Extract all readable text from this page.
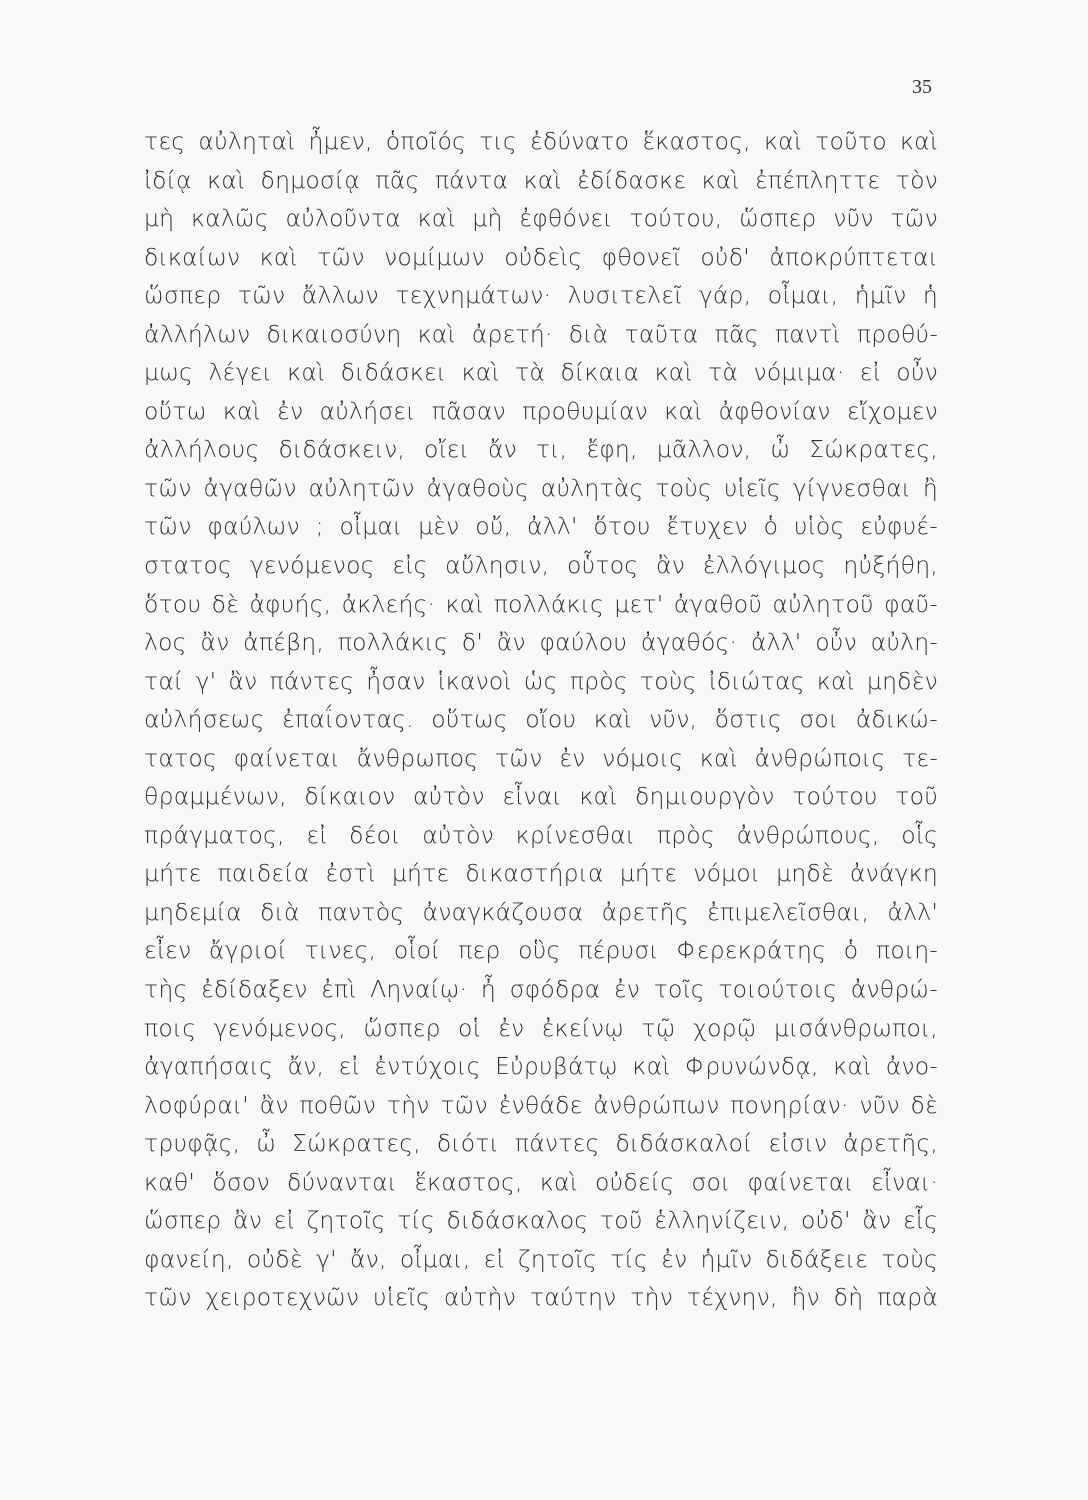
35
τες αὐληταὶ ἦμεν, ὁποῖός τις ἐδύνατο ἕκαστος, καὶ τοῦτο καὶ
ἰδίᾳ καὶ δημοσίᾳ πᾶς πάντα καὶ ἐδίδασκε καὶ ἐπέπληττε τὸν
μὴ καλῶς αὐλοῦντα καὶ μὴ ἐφθόνει τούτου, ὥσπερ νῦν τῶν
δικαίων καὶ τῶν νομίμων οὐδεὶς φθονεῖ οὐδ' ἀποκρύπτεται
ὥσπερ τῶν ἄλλων τεχνημάτων· λυσιτελεῖ γάρ, οἶμαι, ἡμῖν ἡ
ἀλλήλων δικαιοσύνη καὶ ἀρετή· διὰ ταῦτα πᾶς παντὶ προθύ-
μως λέγει καὶ διδάσκει καὶ τὰ δίκαια καὶ τὰ νόμιμα· εἰ οὖν
οὕτω καὶ ἐν αὐλήσει πᾶσαν προθυμίαν καὶ ἀφθονίαν εἴχομεν
ἀλλήλους διδάσκειν, οἴει ἄν τι, ἔφη, μᾶλλον, ὦ Σώκρατες,
τῶν ἀγαθῶν αὐλητῶν ἀγαθοὺς αὐλητὰς τοὺς υἱεῖς γίγνεσθαι ἢ
τῶν φαύλων ; οἶμαι μὲν οὔ, ἀλλ' ὅτου ἔτυχεν ὁ υἱὸς εὐφυέ-
στατος γενόμενος εἰς αὔλησιν, οὗτος ἂν ἐλλόγιμος ηὐξήθη,
ὅτου δὲ ἀφυής, ἀκλεής· καὶ πολλάκις μετ' ἀγαθοῦ αὐλητοῦ φαῦ-
λος ἂν ἀπέβη, πολλάκις δ' ἂν φαύλου ἀγαθός· ἀλλ' οὖν αὐλη-
ταί γ' ἂν πάντες ἦσαν ἱκανοὶ ὡς πρὸς τοὺς ἰδιώτας καὶ μηδὲν
αὐλήσεως ἐπαΐοντας. οὕτως οἴου καὶ νῦν, ὅστις σοι ἀδικώ-
τατος φαίνεται ἄνθρωπος τῶν ἐν νόμοις καὶ ἀνθρώποις τε-
θραμμένων, δίκαιον αὐτὸν εἶναι καὶ δημιουργὸν τούτου τοῦ
πράγματος, εἰ δέοι αὐτὸν κρίνεσθαι πρὸς ἀνθρώπους, οἷς
μήτε παιδεία ἐστὶ μήτε δικαστήρια μήτε νόμοι μηδὲ ἀνάγκη
μηδεμία διὰ παντὸς ἀναγκάζουσα ἀρετῆς ἐπιμελεῖσθαι, ἀλλ'
εἶεν ἄγριοί τινες, οἷοί περ οὓς πέρυσι Φερεκράτης ὁ ποιη-
τὴς ἐδίδαξεν ἐπὶ Ληναίῳ· ἦ σφόδρα ἐν τοῖς τοιούτοις ἀνθρώ-
ποις γενόμενος, ὥσπερ οἱ ἐν ἐκείνῳ τῷ χορῷ μισάνθρωποι,
ἀγαπήσαις ἄν, εἰ ἐντύχοις Εὐρυβάτῳ καὶ Φρυνώνδᾳ, καὶ ἀνο-
λοφύραι' ἂν ποθῶν τὴν τῶν ἐνθάδε ἀνθρώπων πονηρίαν· νῦν δὲ
τρυφᾷς, ὦ Σώκρατες, διότι πάντες διδάσκαλοί εἰσιν ἀρετῆς,
καθ' ὅσον δύνανται ἕκαστος, καὶ οὐδείς σοι φαίνεται εἶναι·
ὥσπερ ἂν εἰ ζητοῖς τίς διδάσκαλος τοῦ ἑλληνίζειν, οὐδ' ἂν εἷς
φανείη, οὐδὲ γ' ἄν, οἶμαι, εἰ ζητοῖς τίς ἐν ἡμῖν διδάξειε τοὺς
τῶν χειροτεχνῶν υἱεῖς αὐτὴν ταύτην τὴν τέχνην, ἣν δὴ παρὰ
